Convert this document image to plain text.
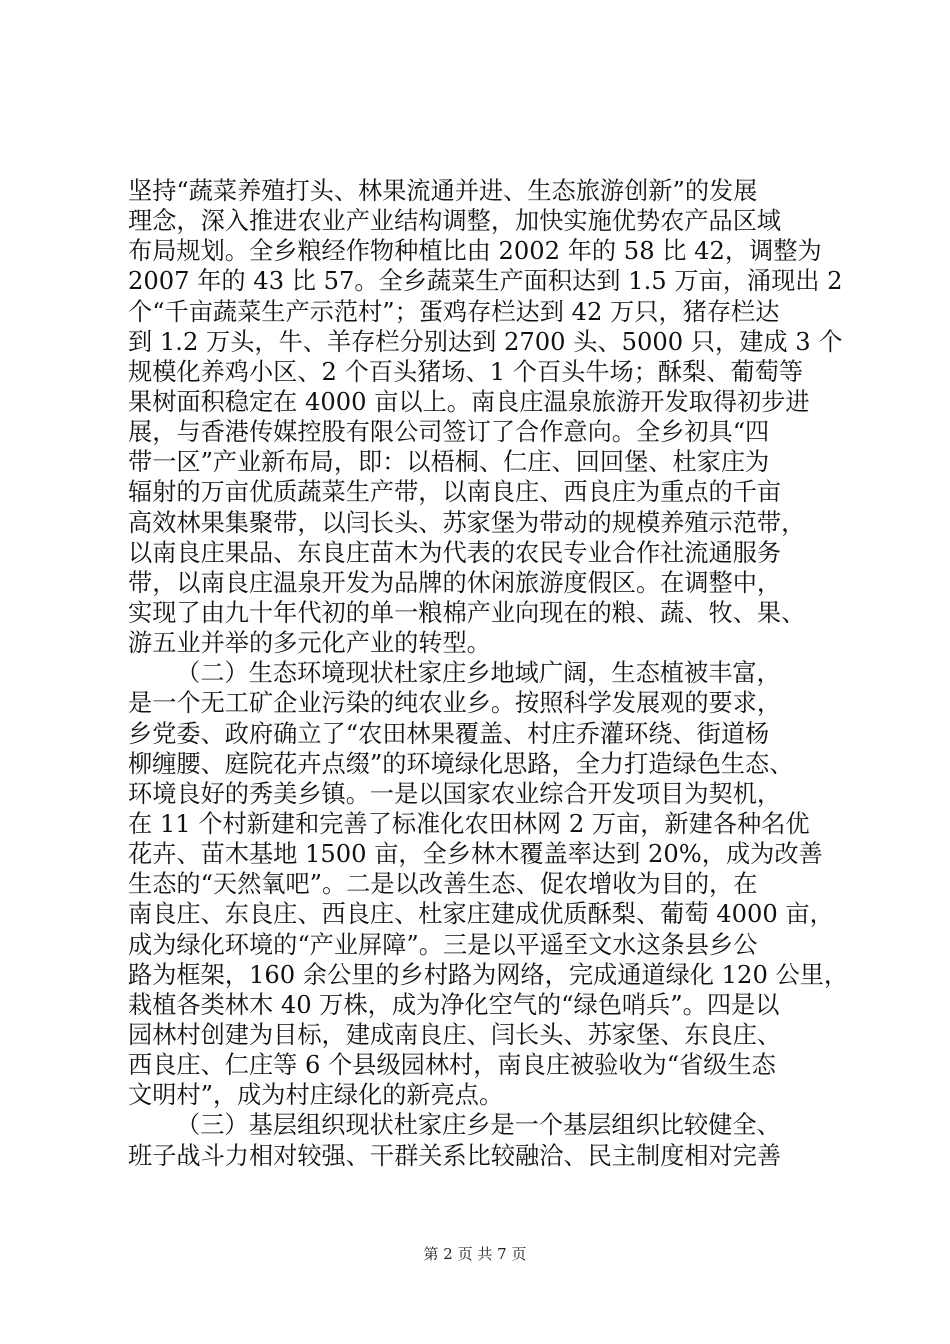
坚持“蔬菜养殖打头、林果流通并进、生态旅游创新”的发展
理念，深入推进农业产业结构调整，加快实施优势农产品区域
布局规划。全乡粮经作物种植比由 2002 年的 58 比 42，调整为
2007 年的 43 比 57。全乡蔬菜生产面积达到 1.5 万亩，涌现出 2
个“千亩蔬菜生产示范村”；蛋鸡存栏达到 42 万只，猪存栏达
到 1.2 万头，牛、羊存栏分别达到 2700 头、5000 只，建成 3 个
规模化养鸡小区、2 个百头猪场、1 个百头牛场；酥梨、葡萄等
果树面积稳定在 4000 亩以上。南良庄温泉旅游开发取得初步进
展，与香港传媒控股有限公司签订了合作意向。全乡初具“四
带一区”产业新布局，即：以梧桐、仁庄、回回堡、杜家庄为
辐射的万亩优质蔬菜生产带，以南良庄、西良庄为重点的千亩
高效林果集聚带，以闫长头、苏家堡为带动的规模养殖示范带，
以南良庄果品、东良庄苗木为代表的农民专业合作社流通服务
带，以南良庄温泉开发为品牌的休闲旅游度假区。在调整中，
实现了由九十年代初的单一粮棉产业向现在的粮、蔬、牧、果、
游五业并举的多元化产业的转型。
（二）生态环境现状杜家庄乡地域广阔，生态植被丰富，
是一个无工矿企业污染的纯农业乡。按照科学发展观的要求，
乡党委、政府确立了“农田林果覆盖、村庄乔灌环绕、街道杨
柳缠腰、庭院花卉点缀”的环境绿化思路，全力打造绿色生态、
环境良好的秀美乡镇。一是以国家农业综合开发项目为契机，
在 11 个村新建和完善了标准化农田林网 2 万亩，新建各种名优
花卉、苗木基地 1500 亩，全乡林木覆盖率达到 20%，成为改善
生态的“天然氧吧”。二是以改善生态、促农增收为目的，在
南良庄、东良庄、西良庄、杜家庄建成优质酥梨、葡萄 4000 亩，
成为绿化环境的“产业屏障”。三是以平遥至文水这条县乡公
路为框架，160 余公里的乡村路为网络，完成通道绿化 120 公里，
栽植各类林木 40 万株，成为净化空气的“绿色哨兵”。四是以
园林村创建为目标，建成南良庄、闫长头、苏家堡、东良庄、
西良庄、仁庄等 6 个县级园林村，南良庄被验收为“省级生态
文明村”，成为村庄绿化的新亮点。
（三）基层组织现状杜家庄乡是一个基层组织比较健全、
班子战斗力相对较强、干群关系比较融洽、民主制度相对完善
第 2 页 共 7 页
